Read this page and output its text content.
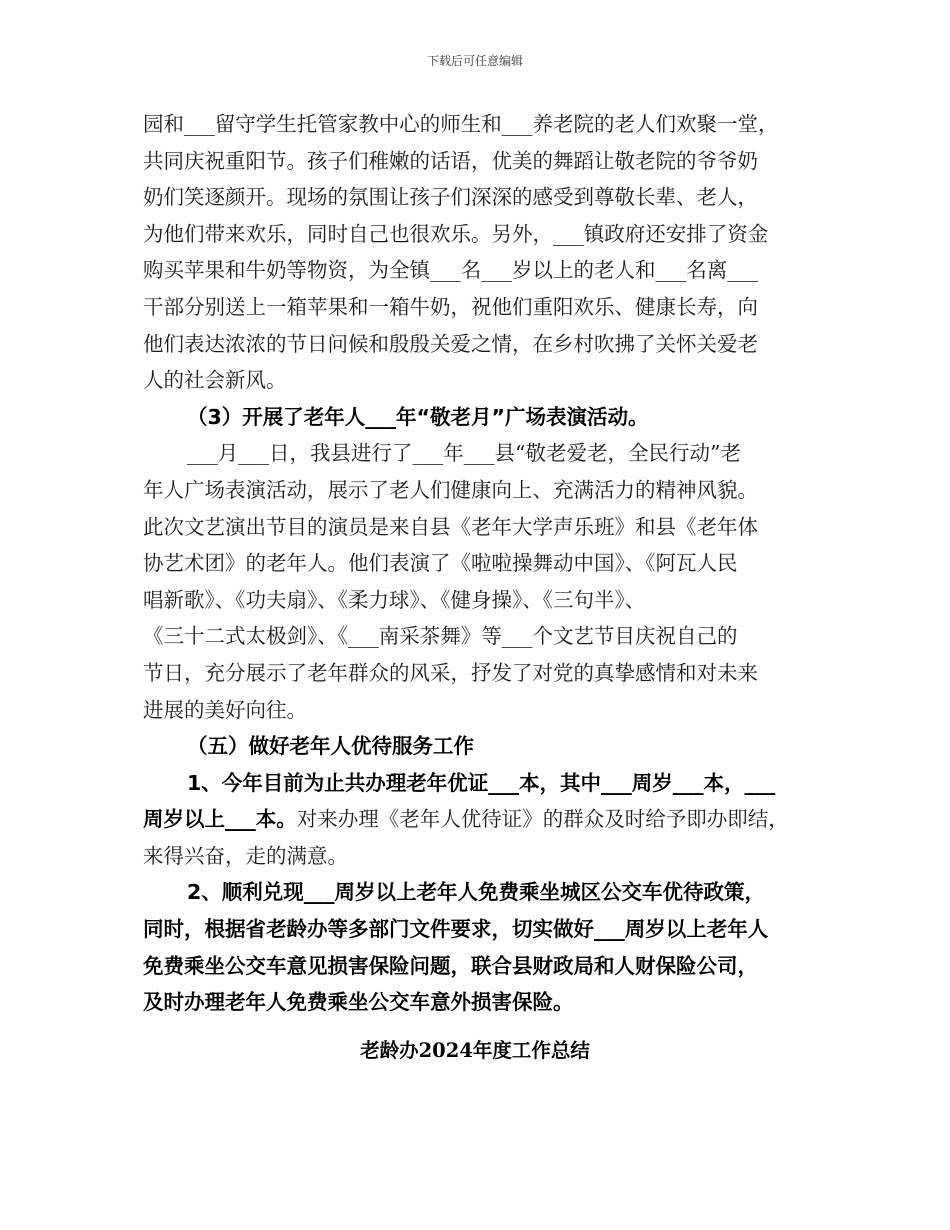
下载后可任意编辑
园和___留守学生托管家教中心的师生和___养老院的老人们欢聚一堂，
共同庆祝重阳节。孩子们稚嫩的话语，优美的舞蹈让敬老院的爷爷奶
奶们笑逐颜开。现场的氛围让孩子们深深的感受到尊敬长辈、老人，
为他们带来欢乐，同时自己也很欢乐。另外，___镇政府还安排了资金
购买苹果和牛奶等物资，为全镇___名___岁以上的老人和___名离___
干部分别送上一箱苹果和一箱牛奶，祝他们重阳欢乐、健康长寿，向
他们表达浓浓的节日问候和殷殷关爱之情，在乡村吹拂了关怀关爱老
人的社会新风。
（3）开展了老年人___年“敬老月”广场表演活动。
___月___日，我县进行了___年___县“敬老爱老，全民行动”老
年人广场表演活动，展示了老人们健康向上、充满活力的精神风貌。
此次文艺演出节目的演员是来自县《老年大学声乐班》和县《老年体
协艺术团》的老年人。他们表演了《啦啦操舞动中国》、《阿瓦人民
唱新歌》、《功夫扇》、《柔力球》、《健身操》、《三句半》、
《三十二式太极剑》、《___南采茶舞》等___个文艺节目庆祝自己的
节日，充分展示了老年群众的风采，抒发了对党的真挚感情和对未来
进展的美好向往。
（五）做好老年人优待服务工作
1、今年目前为止共办理老年优证___本，其中___周岁___本，___
周岁以上___本。对来办理《老年人优待证》的群众及时给予即办即结，
来得兴奋，走的满意。
2、顺利兑现___周岁以上老年人免费乘坐城区公交车优待政策，
同时，根据省老龄办等多部门文件要求，切实做好___周岁以上老年人
免费乘坐公交车意见损害保险问题，联合县财政局和人财保险公司，
及时办理老年人免费乘坐公交车意外损害保险。
老龄办2024年度工作总结
